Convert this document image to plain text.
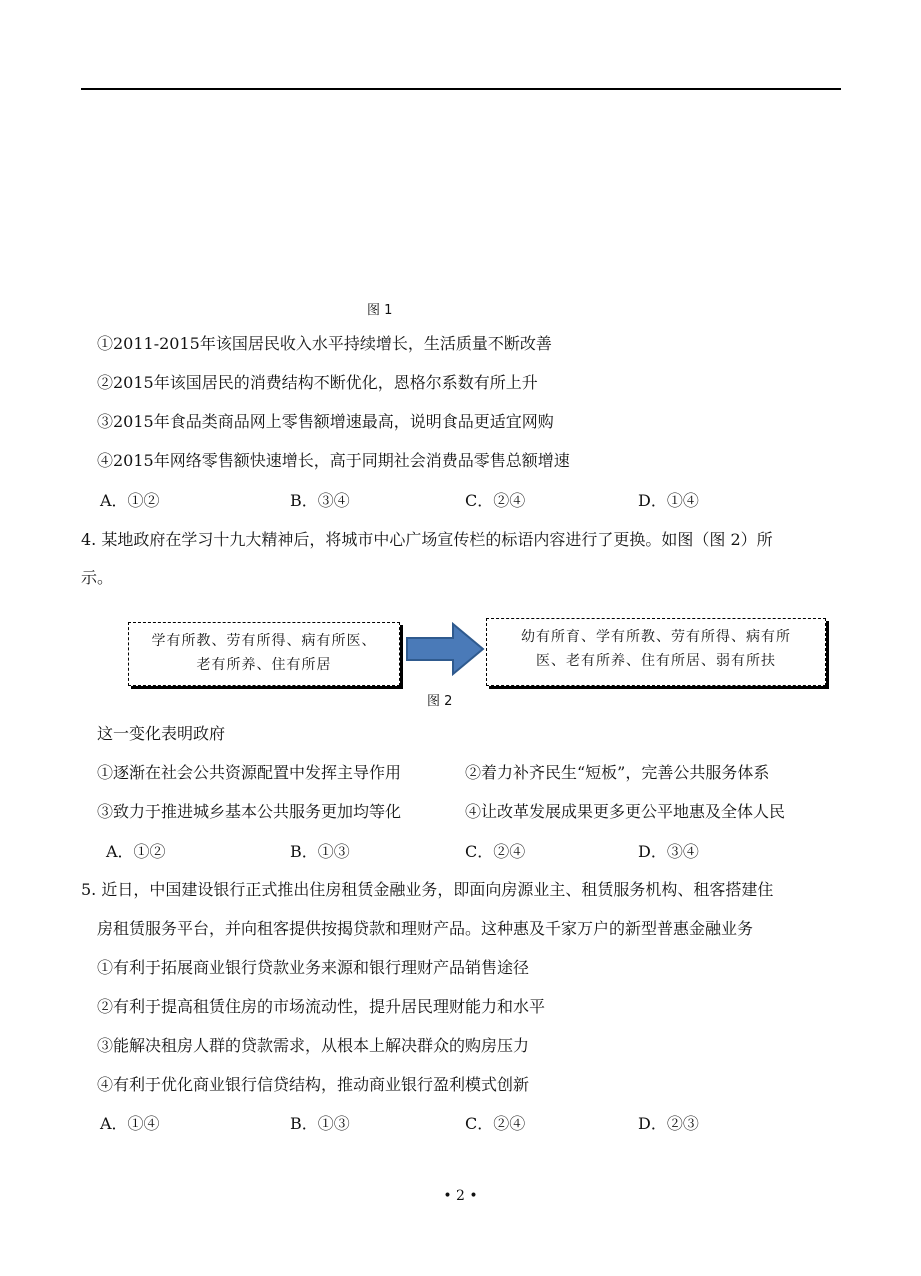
图 1
①2011-2015年该国居民收入水平持续增长，生活质量不断改善
②2015年该国居民的消费结构不断优化，恩格尔系数有所上升
③2015年食品类商品网上零售额增速最高，说明食品更适宜网购
④2015年网络零售额快速增长，高于同期社会消费品零售总额增速
A．①②	B．③④	C．②④	D．①④
4. 某地政府在学习十九大精神后，将城市中心广场宣传栏的标语内容进行了更换。如图（图 2）所
示。
学有所教、劳有所得、病有所医、
老有所养、住有所居
幼有所育、学有所教、劳有所得、病有所
医、老有所养、住有所居、弱有所扶
图 2
这一变化表明政府
①逐渐在社会公共资源配置中发挥主导作用	②着力补齐民生“短板”，完善公共服务体系
③致力于推进城乡基本公共服务更加均等化	④让改革发展成果更多更公平地惠及全体人民
A．①②	B．①③	C．②④	D．③④
5. 近日，中国建设银行正式推出住房租赁金融业务，即面向房源业主、租赁服务机构、租客搭建住
房租赁服务平台，并向租客提供按揭贷款和理财产品。这种惠及千家万户的新型普惠金融业务
①有利于拓展商业银行贷款业务来源和银行理财产品销售途径
②有利于提高租赁住房的市场流动性，提升居民理财能力和水平
③能解决租房人群的贷款需求，从根本上解决群众的购房压力
④有利于优化商业银行信贷结构，推动商业银行盈利模式创新
A．①④	B．①③	C．②④	D．②③
• 2 •
